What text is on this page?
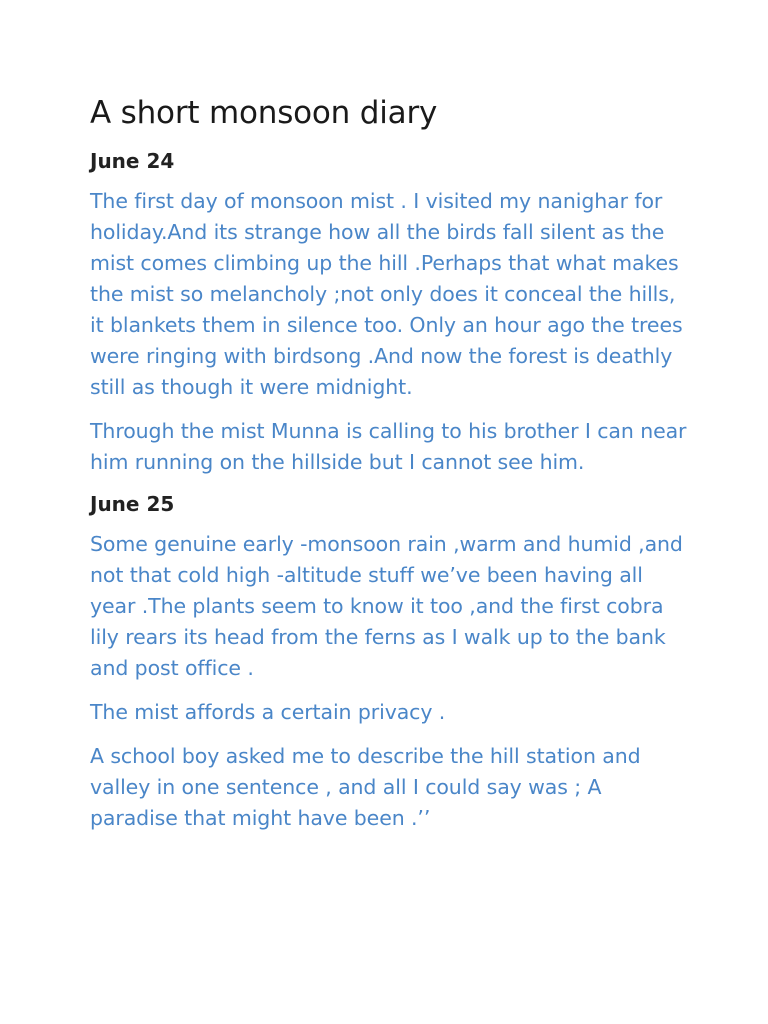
A short monsoon diary
June 24

The first day of monsoon mist . I visited my nanighar for holiday.And its strange how all the birds fall silent as the mist comes climbing up the hill .Perhaps that what makes the mist so melancholy ;not only does it conceal the hills, it blankets them in silence too. Only an hour ago the trees were ringing with birdsong .And now the forest is deathly still as though it were midnight.

Through the mist Munna is calling to his brother I can near him running on the hillside but I cannot see him.

June 25

Some genuine early -monsoon rain ,warm and humid ,and not that cold high -altitude stuff we’ve been having all year .The plants seem to know it too ,and the first cobra lily rears its head from the ferns as I walk up to the bank and post office .

The mist affords a certain privacy .

A school boy asked me to describe the hill station and valley in one sentence , and all I could say was ; A paradise that might have been .’’
